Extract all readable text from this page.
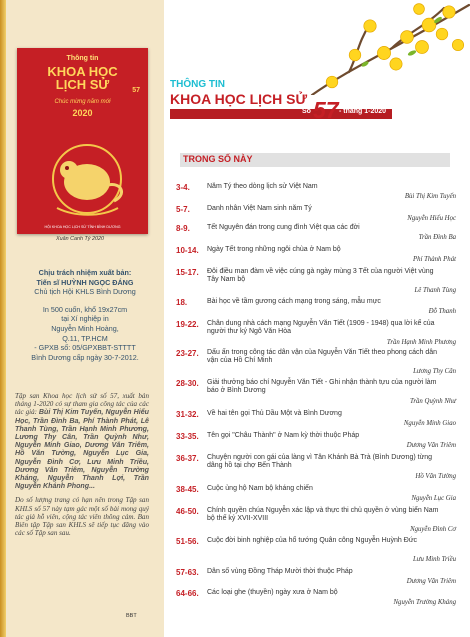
Thông tin
KHOA HỌC
LỊCH SỬ	57
Chúc mừng năm mới
2020
HỘI KHOA HỌC LỊCH SỬ TỈNH BÌNH DƯƠNG
Xuân Canh Tý 2020
Chịu trách nhiệm xuất bản:
Tiến sĩ HUỲNH NGỌC ĐÁNG
Chủ tịch Hội KHLS Bình Dương
In 500 cuốn, khổ 19x27cm
tại Xí nghiệp in
Nguyễn Minh Hoàng,
Q.11, TP.HCM
- GPXB số: 05/GPXBBT-STTTT
Bình Dương cấp ngày 30-7-2012.
Tập san Khoa học lịch sử số 57, xuất bản tháng 1-2020 có sự tham gia công tác của các tác giả: Bùi Thị Kim Tuyến, Nguyễn Hiếu Học, Trần Đình Ba, Phí Thành Phát, Lê Thanh Tùng, Trần Hạnh Minh Phương, Lương Thy Cân, Trần Quỳnh Như, Nguyễn Minh Giao, Dương Văn Triêm, Hồ Văn Tường, Nguyễn Lục Gia, Nguyễn Đình Cơ, Lưu Minh Triều, Dương Văn Triêm, Nguyễn Trường Kháng, Nguyễn Thanh Lợi, Trần Nguyễn Khánh Phong...
Do số lượng trang có hạn nên trong Tập san KHLS số 57 này tạm gác một số bài mong quý tác giả hỗ viên, cộng tác viên thông cảm. Ban Biên tập Tập san KHLS sẽ tiếp tục đăng vào các số Tập san sau.
BBT
THÔNG TIN
KHOA HỌC LỊCH SỬ
Số 57 - tháng 1-2020
TRONG SỐ NÀY
3-4. Năm Tý theo dòng lịch sử Việt Nam
Bùi Thị Kim Tuyến
5-7. Danh nhân Việt Nam sinh năm Tý
Nguyễn Hiếu Học
8-9. Tết Nguyên đán trong cung đình Việt qua các đời
Trần Đình Ba
10-14. Ngày Tết trong những ngôi chùa ở Nam bộ
Phí Thành Phát
15-17. Đôi điều man đàm về việc cúng gà ngày mùng 3 Tết của người Việt vùng Tây Nam bộ
Lê Thanh Tùng
18.	Bài học về tầm gương cách mạng trong sáng, mẫu mực
Đỗ Thanh
19-22. Chân dung nhà cách mạng Nguyễn Văn Tiết (1909 - 1948) qua lời kể của người thư ký Ngô Văn Hòa
Trần Hạnh Minh Phương
23-27. Dấu ấn trong công tác dân vận của Nguyễn Văn Tiết theo phong cách dân vận của Hồ Chí Minh
Lương Thy Cân
28-30. Giải thưởng báo chí Nguyễn Văn Tiết - Ghi nhận thành tựu của người làm báo ở Bình Dương
Trần Quỳnh Như
31-32. Về hai tên gọi Thủ Dầu Một và Bình Dương
Nguyễn Minh Giao
33-35. Tên gọi "Châu Thành" ở Nam kỳ thời thuộc Pháp
Dương Văn Triêm
36-37. Chuyện người con gái của làng vì Tân Khánh Bà Trà (Bình Dương) từng dâng hồ tại chợ Bến Thành
Hồ Văn Tường
38-45. Cuộc ủng hộ Nam bộ kháng chiến
Nguyễn Lục Gia
46-50. Chính quyền chúa Nguyễn xác lập và thực thi chủ quyền ở vùng biển Nam bộ thế kỷ XVII-XVIII
Nguyễn Đình Cơ
51-56. Cuộc đời binh nghiệp của hổ tướng Quân công Nguyễn Huỳnh Đức
Lưu Minh Triều
57-63. Dân số vùng Đồng Tháp Mười thời thuộc Pháp
Dương Văn Triêm
64-66. Các loại ghe (thuyền) ngày xưa ở Nam bộ
Nguyễn Trường Kháng
